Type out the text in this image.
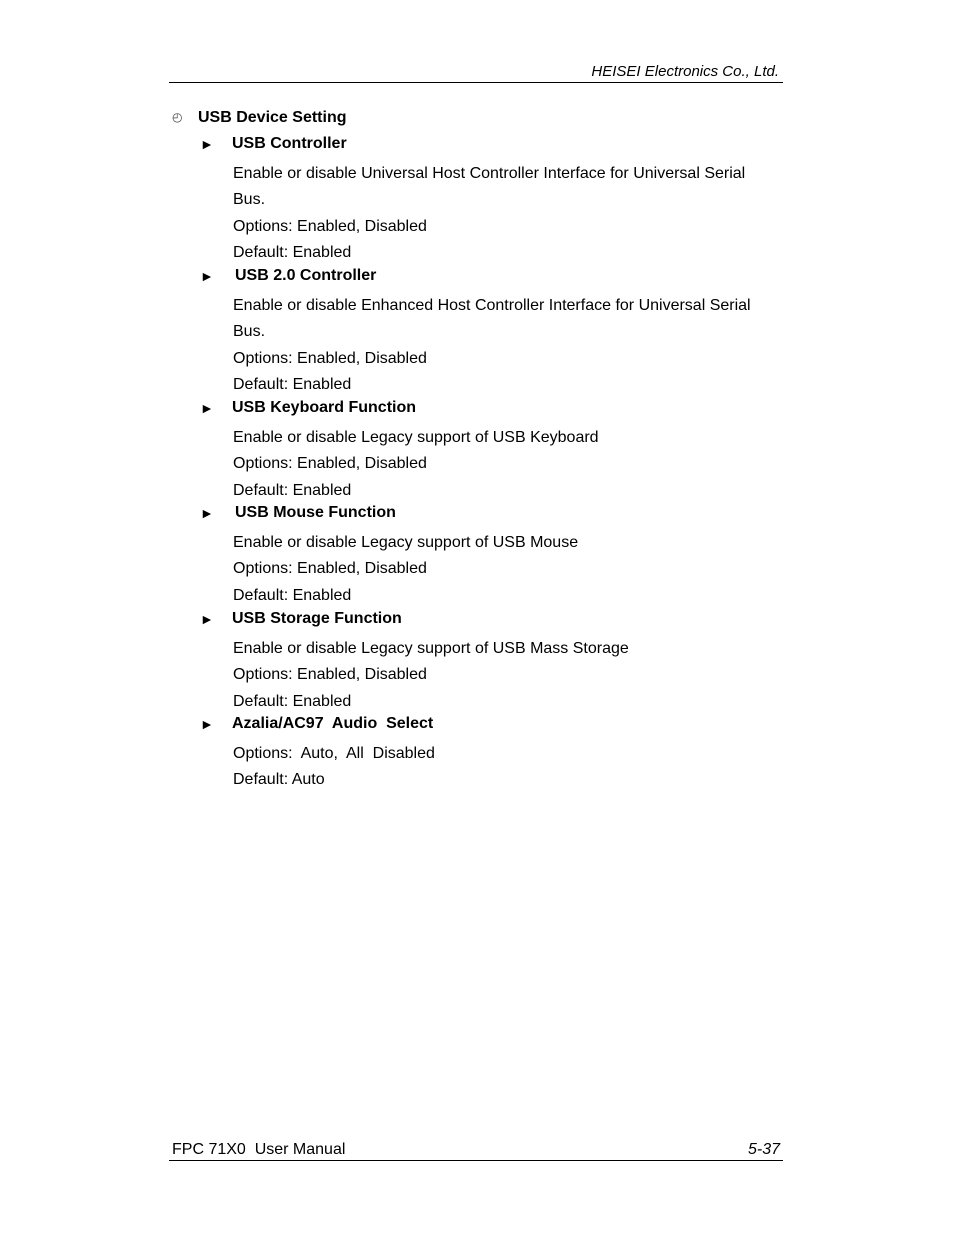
HEISEI Electronics Co., Ltd.
◴ USB Device Setting
► USB Controller
Enable or disable Universal Host Controller Interface for Universal Serial
Bus.
Options: Enabled, Disabled
Default: Enabled
► USB 2.0 Controller
Enable or disable Enhanced Host Controller Interface for Universal Serial
Bus.
Options: Enabled, Disabled
Default: Enabled
► USB Keyboard Function
Enable or disable Legacy support of USB Keyboard
Options: Enabled, Disabled
Default: Enabled
► USB Mouse Function
Enable or disable Legacy support of USB Mouse
Options: Enabled, Disabled
Default: Enabled
► USB Storage Function
Enable or disable Legacy support of USB Mass Storage
Options: Enabled, Disabled
Default: Enabled
► Azalia/AC97  Audio  Select
Options:  Auto,  All  Disabled
Default: Auto
FPC 71X0  User Manual	5-37
